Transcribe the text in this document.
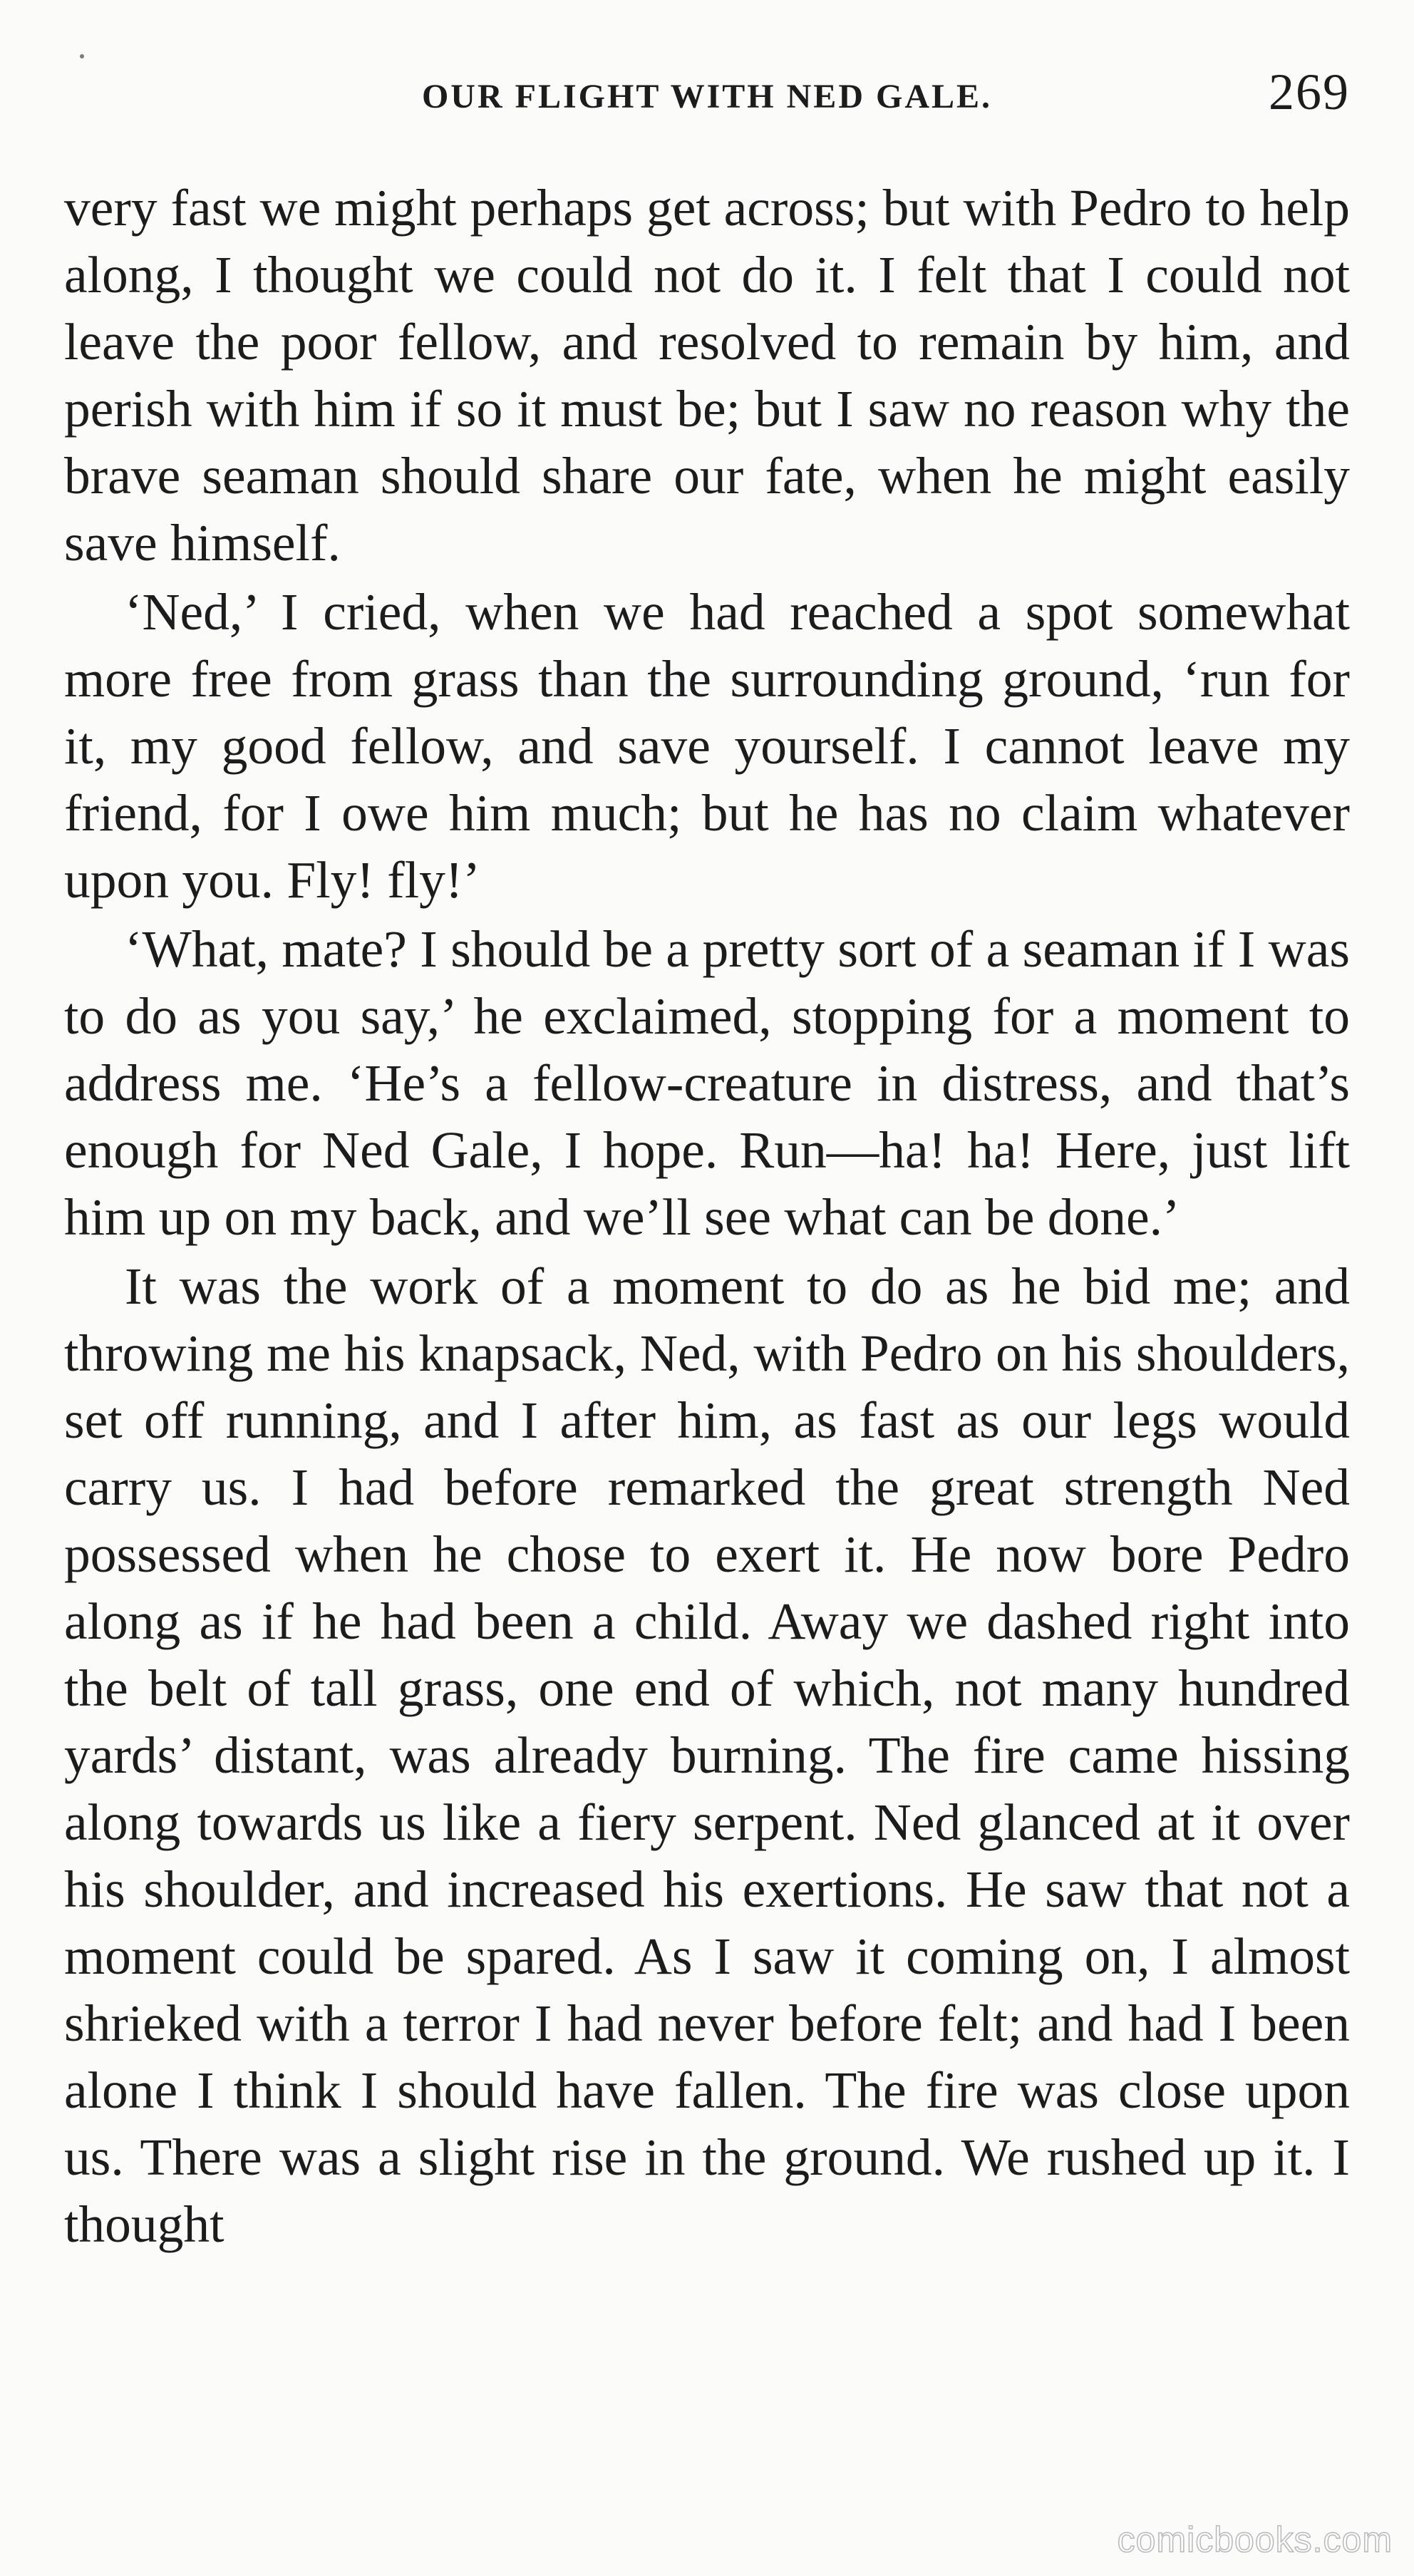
OUR FLIGHT WITH NED GALE.	269

very fast we might perhaps get across; but with Pedro to help along, I thought we could not do it. I felt that I could not leave the poor fellow, and resolved to remain by him, and perish with him if so it must be; but I saw no reason why the brave seaman should share our fate, when he might easily save himself.

‘Ned,’ I cried, when we had reached a spot somewhat more free from grass than the surrounding ground, ‘run for it, my good fellow, and save yourself. I cannot leave my friend, for I owe him much; but he has no claim whatever upon you. Fly! fly!’

‘What, mate? I should be a pretty sort of a seaman if I was to do as you say,’ he exclaimed, stopping for a moment to address me. ‘He’s a fellow-creature in distress, and that’s enough for Ned Gale, I hope. Run—ha! ha! Here, just lift him up on my back, and we’ll see what can be done.’

It was the work of a moment to do as he bid me; and throwing me his knapsack, Ned, with Pedro on his shoulders, set off running, and I after him, as fast as our legs would carry us. I had before remarked the great strength Ned possessed when he chose to exert it. He now bore Pedro along as if he had been a child. Away we dashed right into the belt of tall grass, one end of which, not many hundred yards’ distant, was already burning. The fire came hissing along towards us like a fiery serpent. Ned glanced at it over his shoulder, and increased his exertions. He saw that not a moment could be spared. As I saw it coming on, I almost shrieked with a terror I had never before felt; and had I been alone I think I should have fallen. The fire was close upon us. There was a slight rise in the ground. We rushed up it. I thought

comicbooks.com
